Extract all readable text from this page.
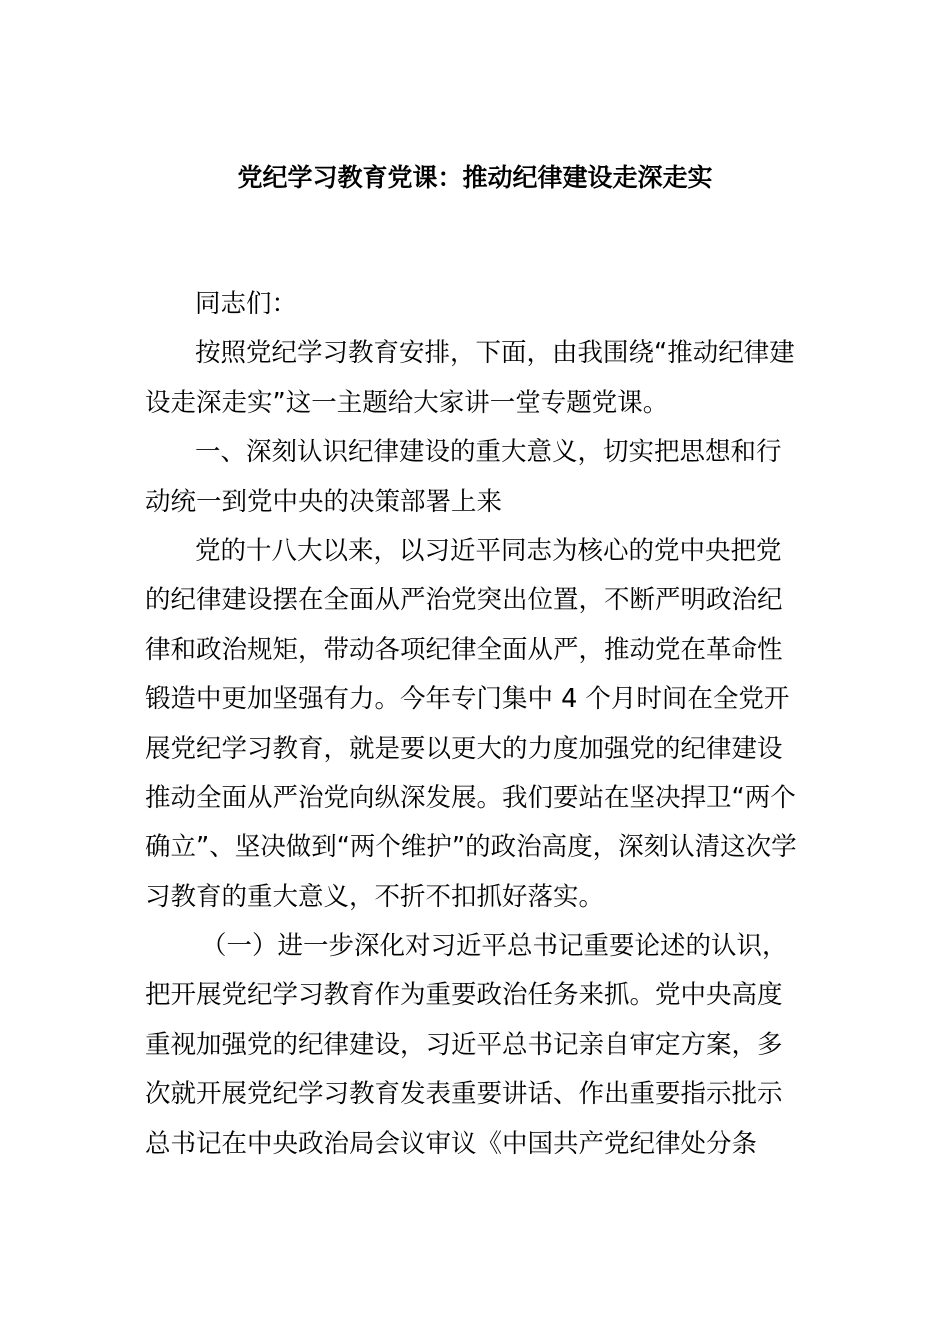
党纪学习教育党课：推动纪律建设走深走实
同志们：
按照党纪学习教育安排，下面，由我围绕“推动纪律建
设走深走实”这一主题给大家讲一堂专题党课。
一、深刻认识纪律建设的重大意义，切实把思想和行
动统一到党中央的决策部署上来
党的十八大以来，以习近平同志为核心的党中央把党
的纪律建设摆在全面从严治党突出位置，不断严明政治纪
律和政治规矩，带动各项纪律全面从严，推动党在革命性
锻造中更加坚强有力。今年专门集中 4 个月时间在全党开
展党纪学习教育，就是要以更大的力度加强党的纪律建设
推动全面从严治党向纵深发展。我们要站在坚决捍卫“两个
确立”、坚决做到“两个维护”的政治高度，深刻认清这次学
习教育的重大意义，不折不扣抓好落实。
（一）进一步深化对习近平总书记重要论述的认识，
把开展党纪学习教育作为重要政治任务来抓。党中央高度
重视加强党的纪律建设，习近平总书记亲自审定方案，多
次就开展党纪学习教育发表重要讲话、作出重要指示批示
总书记在中央政治局会议审议《中国共产党纪律处分条
